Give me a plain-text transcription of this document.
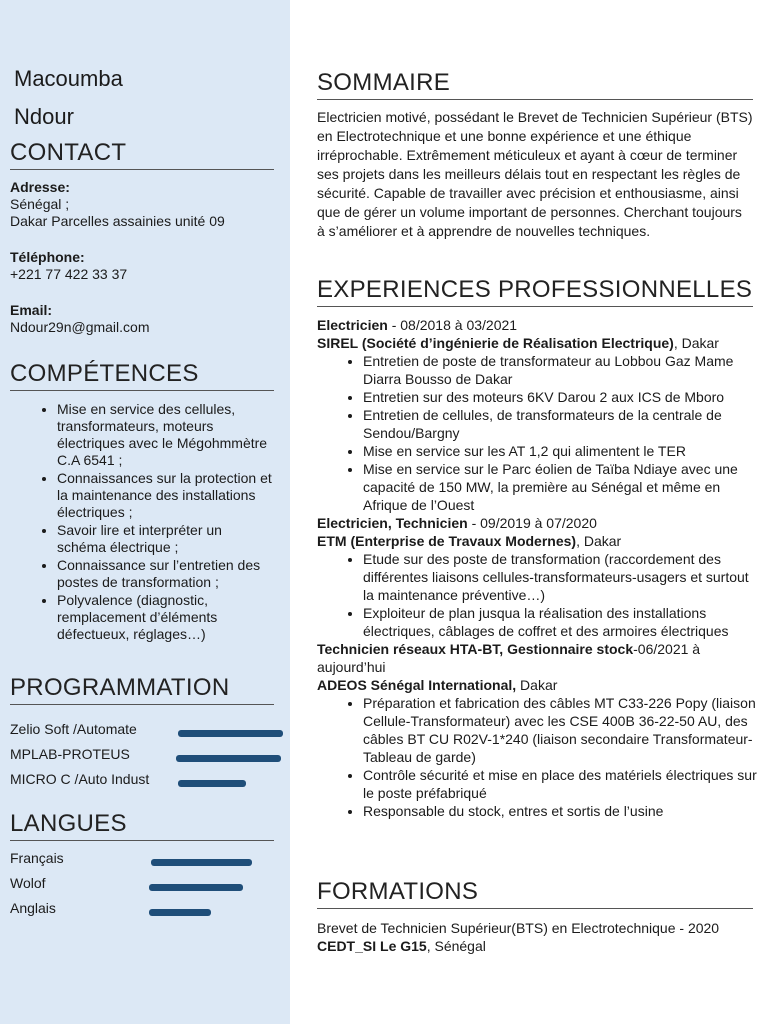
Macoumba
Ndour
CONTACT
Adresse:
Sénégal ;
Dakar Parcelles assainies unité 09
Téléphone:
+221 77 422 33 37
Email:
Ndour29n@gmail.com
COMPÉTENCES
• Mise en service des cellules, transformateurs, moteurs électriques avec le Mégohmmètre C.A 6541 ;
• Connaissances sur la protection et la maintenance des installations électriques ;
• Savoir lire et interpréter un schéma électrique ;
• Connaissance sur l’entretien des postes de transformation ;
• Polyvalence (diagnostic, remplacement d’éléments défectueux, réglages…)
PROGRAMMATION
Zelio Soft /Automate
MPLAB-PROTEUS
MICRO C /Auto Indust
LANGUES
Français
Wolof
Anglais
SOMMAIRE

Electricien motivé, possédant le Brevet de Technicien Supérieur (BTS) en Electrotechnique et une bonne expérience et une éthique irréprochable. Extrêmement méticuleux et ayant à cœur de terminer ses projets dans les meilleurs délais tout en respectant les règles de sécurité. Capable de travailler avec précision et enthousiasme, ainsi que de gérer un volume important de personnes. Cherchant toujours à s’améliorer et à apprendre de nouvelles techniques.

EXPERIENCES PROFESSIONNELLES

Electricien - 08/2018 à 03/2021

SIREL (Société d’ingénierie de Réalisation Electrique), Dakar

• Entretien de poste de transformateur au Lobbou Gaz Mame Diarra Bousso de Dakar
• Entretien sur des moteurs 6KV Darou 2 aux ICS de Mboro
• Entretien de cellules, de transformateurs de la centrale de Sendou/Bargny
• Mise en service sur les AT 1,2 qui alimentent le TER
• Mise en service sur le Parc éolien de Taïba Ndiaye avec une capacité de 150 MW, la première au Sénégal et même en Afrique de l’Ouest

Electricien, Technicien - 09/2019 à 07/2020

ETM (Enterprise de Travaux Modernes), Dakar

• Etude sur des poste de transformation (raccordement des différentes liaisons cellules-transformateurs-usagers et surtout la maintenance préventive…)
• Exploiteur de plan jusqua la réalisation des installations électriques, câblages de coffret et des armoires électriques

Technicien réseaux HTA-BT, Gestionnaire stock-06/2021 à aujourd’hui

ADEOS Sénégal International, Dakar

• Préparation et fabrication des câbles MT C33-226 Popy (liaison Cellule-Transformateur) avec les CSE 400B 36-22-50 AU, des câbles BT CU R02V-1*240 (liaison secondaire Transformateur-Tableau de garde)
• Contrôle sécurité et mise en place des matériels électriques sur le poste préfabriqué
• Responsable du stock, entres et sortis de l’usine
FORMATIONS

Brevet de Technicien Supérieur(BTS) en Electrotechnique - 2020

CEDT_SI Le G15, Sénégal
